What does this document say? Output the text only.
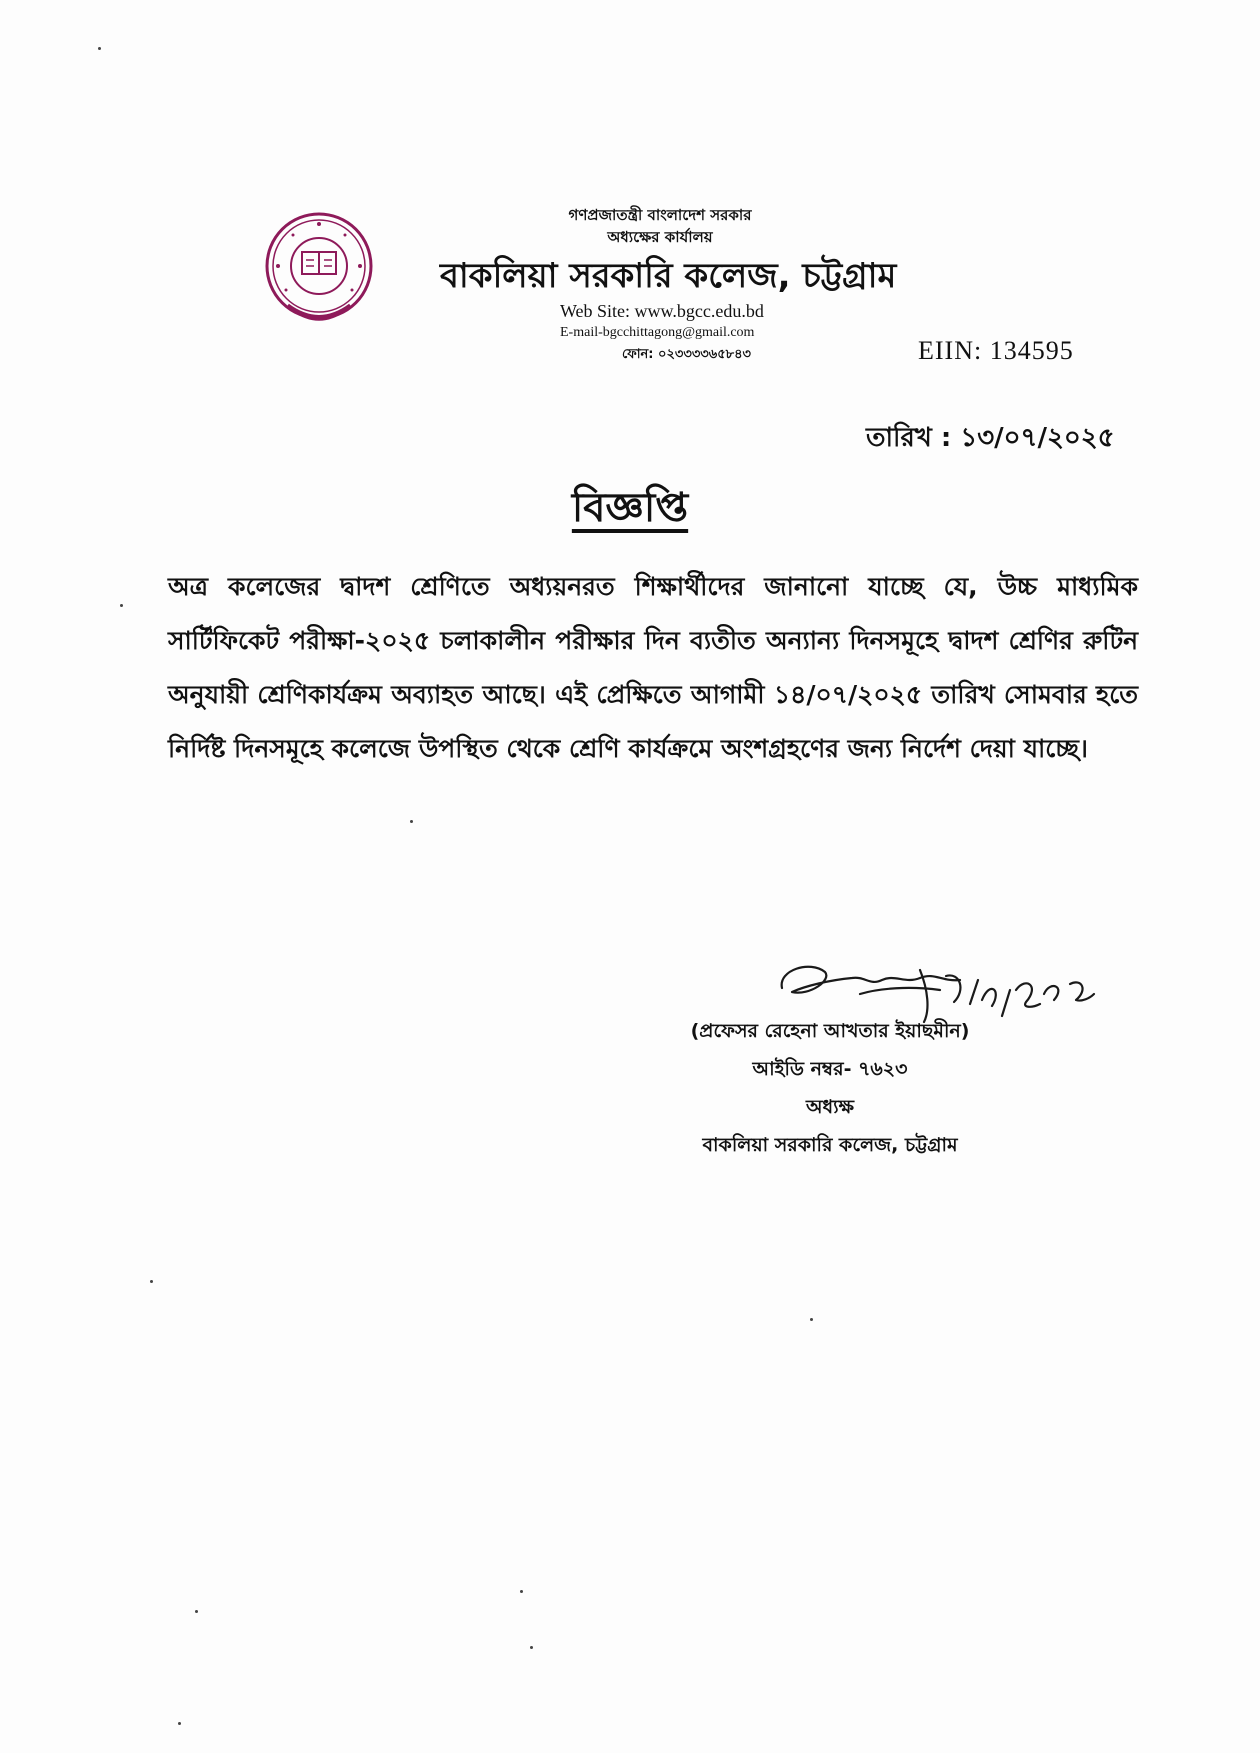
গণপ্রজাতন্ত্রী বাংলাদেশ সরকার
অধ্যক্ষের কার্যালয়
বাকলিয়া সরকারি কলেজ, চট্টগ্রাম
Web Site: www.bgcc.edu.bd
E-mail-bgcchittagong@gmail.com
ফোন: ০২৩৩৩৩৬৫৮৪৩	EIIN: 134595
তারিখ : ১৩/০৭/২০২৫
বিজ্ঞপ্তি
অত্র কলেজের দ্বাদশ শ্রেণিতে অধ্যয়নরত শিক্ষার্থীদের জানানো যাচ্ছে যে, উচ্চ মাধ্যমিক সার্টিফিকেট পরীক্ষা-২০২৫ চলাকালীন পরীক্ষার দিন ব্যতীত অন্যান্য দিনসমূহে দ্বাদশ শ্রেণির রুটিন অনুযায়ী শ্রেণিকার্যক্রম অব্যাহত আছে। এই প্রেক্ষিতে আগামী ১৪/০৭/২০২৫ তারিখ সোমবার হতে নির্দিষ্ট দিনসমূহে কলেজে উপস্থিত থেকে শ্রেণি কার্যক্রমে অংশগ্রহণের জন্য নির্দেশ দেয়া যাচ্ছে।
(প্রফেসর রেহেনা আখতার ইয়াছমীন)
আইডি নম্বর- ৭৬২৩
অধ্যক্ষ
বাকলিয়া সরকারি কলেজ, চট্টগ্রাম
